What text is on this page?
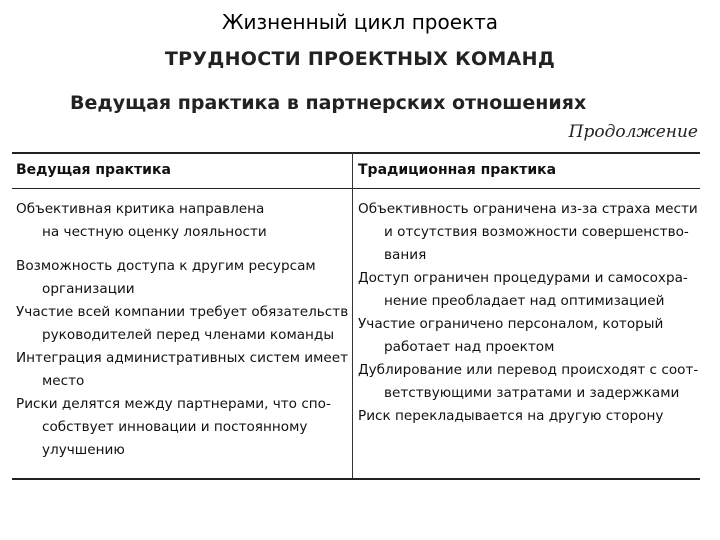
Жизненный цикл проекта
ТРУДНОСТИ ПРОЕКТНЫХ КОМАНД
Ведущая практика в партнерских отношениях
Продолжение
Ведущая практика	Традиционная практика
Объективная критика направлена
на честную оценку лояльности
Возможность доступа к другим ресурсам
организации
Участие всей компании требует обязательств
руководителей перед членами команды
Интеграция административных систем имеет
место
Риски делятся между партнерами, что спо-
собствует инновации и постоянному
улучшению
Объективность ограничена из-за страха мести
и отсутствия возможности совершенство-
вания
Доступ ограничен процедурами и самосохра-
нение преобладает над оптимизацией
Участие ограничено персоналом, который
работает над проектом
Дублирование или перевод происходят с соот-
ветствующими затратами и задержками
Риск перекладывается на другую сторону
